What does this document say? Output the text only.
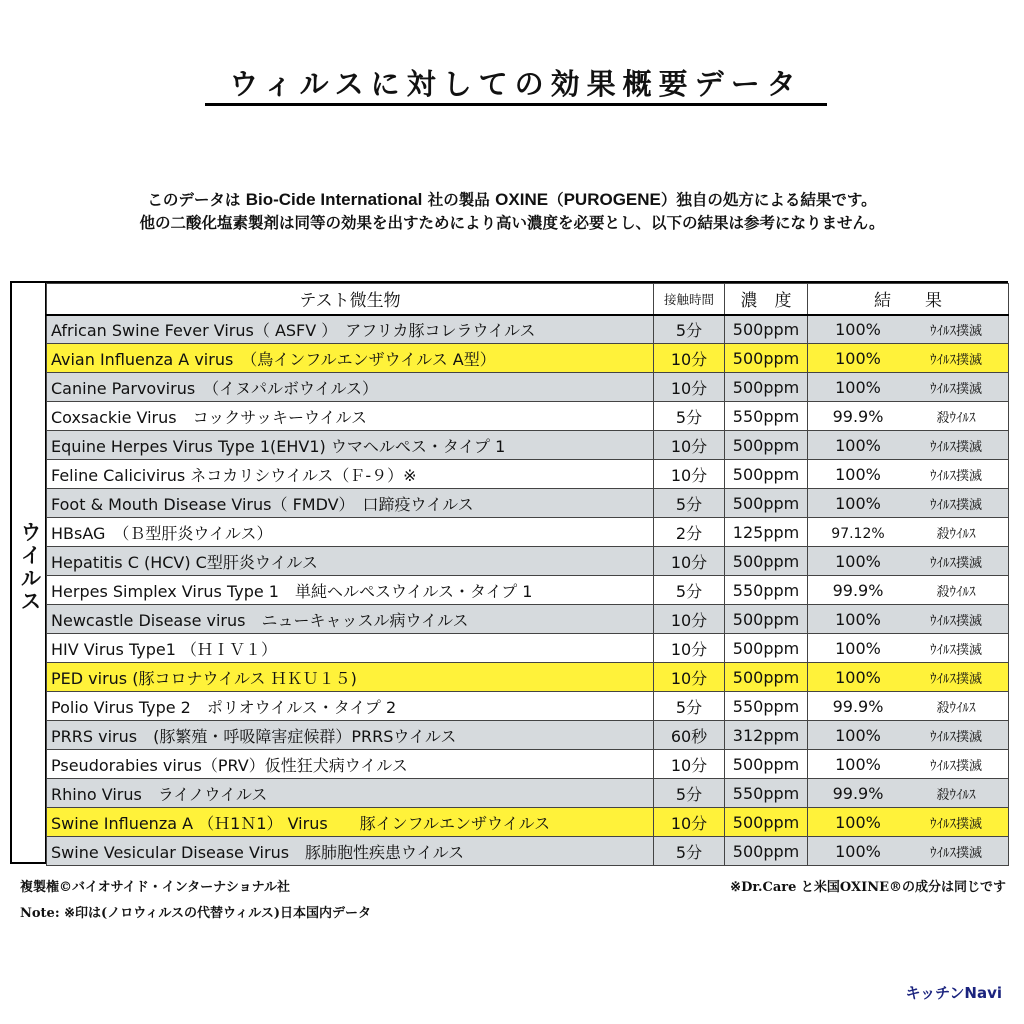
ウィルスに対しての効果概要データ
このデータは Bio-Cide International 社の製品 OXINE（PUROGENE）独自の処方による結果です。
他の二酸化塩素製剤は同等の効果を出すためにより高い濃度を必要とし、以下の結果は参考になりません。
ウイルス
テスト微生物	接触時間	濃　度	結　　果
African Swine Fever Virus（ ASFV ）　アフリカ豚コレラウイルス	5分	500ppm	100% ｳｲﾙｽ撲滅
Avian Influenza A virus　（鳥インフルエンザウイルス A型）	10分	500ppm	100% ｳｲﾙｽ撲滅
Canine Parvovirus　（イヌパルボウイルス）	10分	500ppm	100% ｳｲﾙｽ撲滅
Coxsackie Virus　コックサッキーウイルス	5分	550ppm	99.9% 殺ｳｲﾙｽ
Equine Herpes Virus Type 1(EHV1) ウマヘルペス・タイプ 1	10分	500ppm	100% ｳｲﾙｽ撲滅
Feline Calicivirus ネコカリシウイルス（Ｆ-９）※	10分	500ppm	100% ｳｲﾙｽ撲滅
Foot & Mouth Disease Virus（ FMDV）　口蹄疫ウイルス	5分	500ppm	100% ｳｲﾙｽ撲滅
HBsAG　（Ｂ型肝炎ウイルス）	2分	125ppm	97.12% 殺ｳｲﾙｽ
Hepatitis C (HCV) C型肝炎ウイルス	10分	500ppm	100% ｳｲﾙｽ撲滅
Herpes Simplex Virus Type 1　単純ヘルペスウイルス・タイプ 1	5分	550ppm	99.9% 殺ｳｲﾙｽ
Newcastle Disease virus　ニューキャッスル病ウイルス	10分	500ppm	100% ｳｲﾙｽ撲滅
HIV Virus Type1 （ＨＩＶ１）	10分	500ppm	100% ｳｲﾙｽ撲滅
PED virus (豚コロナウイルス ＨＫＵ１５)	10分	500ppm	100% ｳｲﾙｽ撲滅
Polio Virus Type 2　ポリオウイルス・タイプ 2	5分	550ppm	99.9% 殺ｳｲﾙｽ
PRRS virus　(豚繁殖・呼吸障害症候群）PRRSウイルス	60秒	312ppm	100% ｳｲﾙｽ撲滅
Pseudorabies virus（PRV）仮性狂犬病ウイルス	10分	500ppm	100% ｳｲﾙｽ撲滅
Rhino Virus　ライノウイルス	5分	550ppm	99.9% 殺ｳｲﾙｽ
Swine Influenza A （Ｈ1Ｎ1） Virus　　豚インフルエンザウイルス	10分	500ppm	100% ｳｲﾙｽ撲滅
Swine Vesicular Disease Virus　豚肺胞性疾患ウイルス	5分	500ppm	100% ｳｲﾙｽ撲滅
複製権©バイオサイド・インターナショナル社
Note: ※印は(ノロウィルスの代替ウィルス)日本国内データ
※Dr.Care と米国OXINE®の成分は同じです
キッチンNavi
